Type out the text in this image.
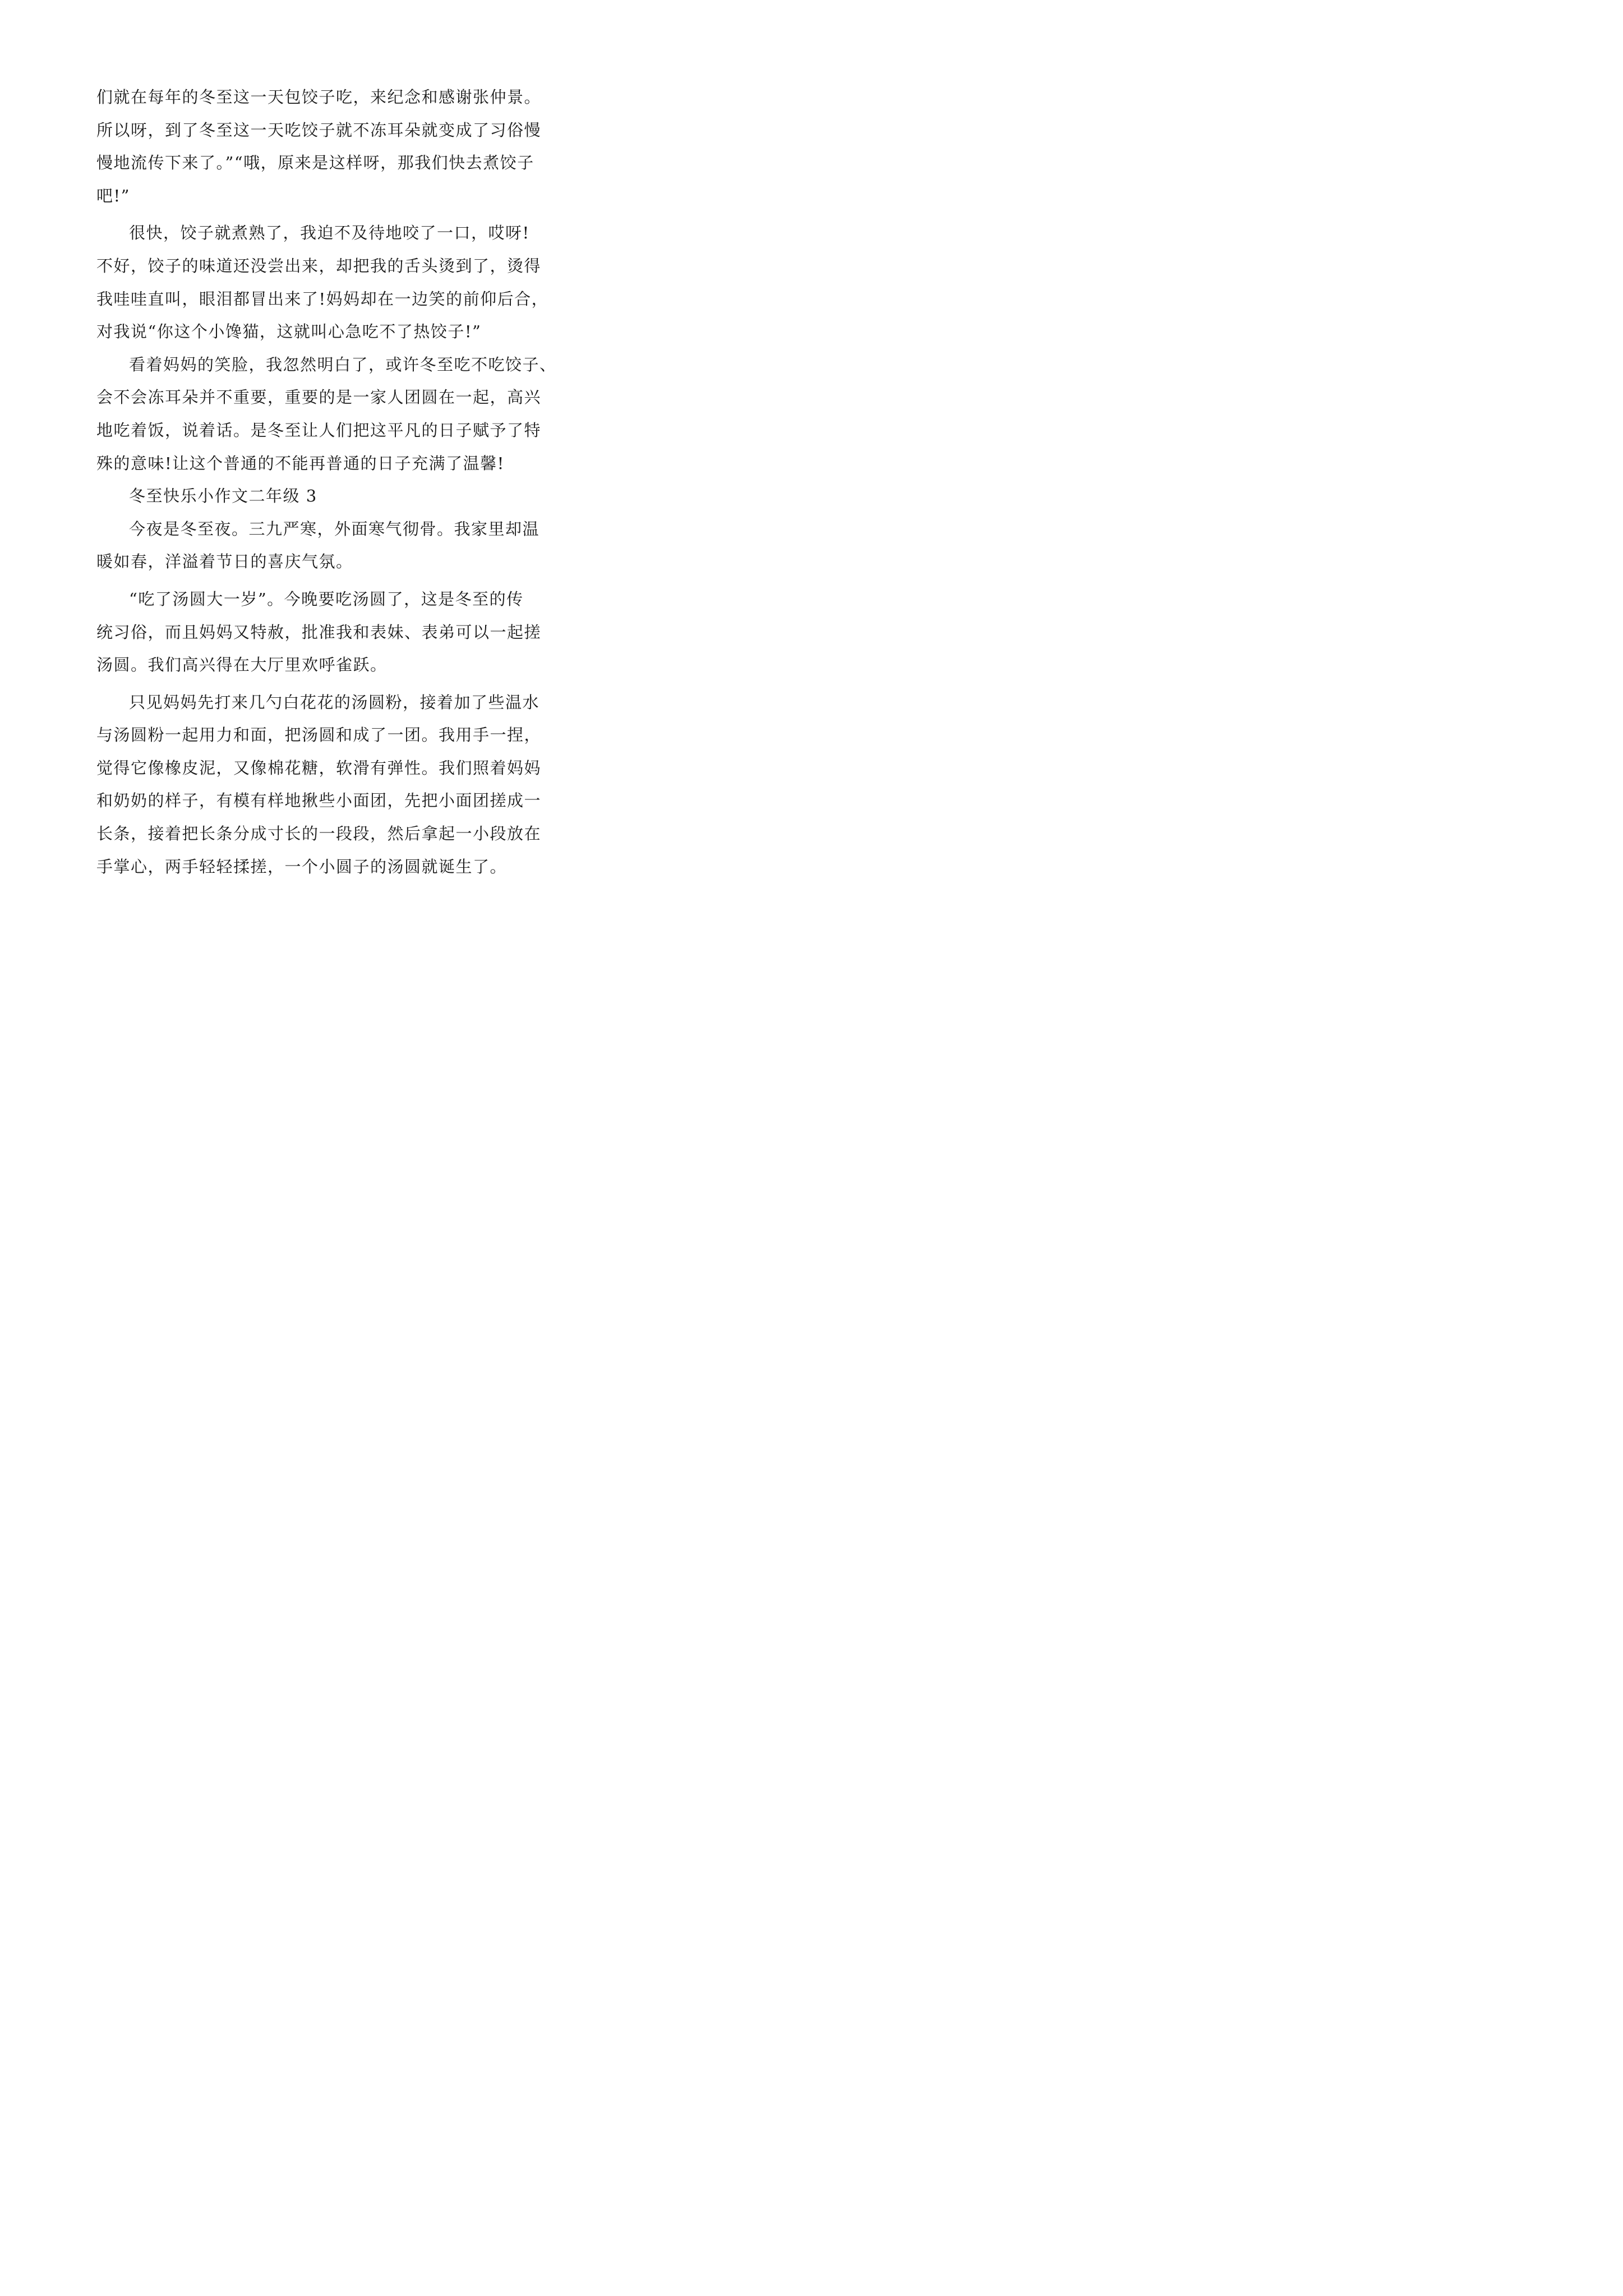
们就在每年的冬至这一天包饺子吃，来纪念和感谢张仲景。
所以呀，到了冬至这一天吃饺子就不冻耳朵就变成了习俗慢
慢地流传下来了。”“哦，原来是这样呀，那我们快去煮饺子
吧!”
很快，饺子就煮熟了，我迫不及待地咬了一口，哎呀!
不好，饺子的味道还没尝出来，却把我的舌头烫到了，烫得
我哇哇直叫，眼泪都冒出来了!妈妈却在一边笑的前仰后合，
对我说“你这个小馋猫，这就叫心急吃不了热饺子!”
看着妈妈的笑脸，我忽然明白了，或许冬至吃不吃饺子、
会不会冻耳朵并不重要，重要的是一家人团圆在一起，高兴
地吃着饭，说着话。是冬至让人们把这平凡的日子赋予了特
殊的意味!让这个普通的不能再普通的日子充满了温馨!
冬至快乐小作文二年级 3
今夜是冬至夜。三九严寒，外面寒气彻骨。我家里却温
暖如春，洋溢着节日的喜庆气氛。
“吃了汤圆大一岁”。今晚要吃汤圆了，这是冬至的传
统习俗，而且妈妈又特赦，批准我和表妹、表弟可以一起搓
汤圆。我们高兴得在大厅里欢呼雀跃。
只见妈妈先打来几勺白花花的汤圆粉，接着加了些温水
与汤圆粉一起用力和面，把汤圆和成了一团。我用手一捏，
觉得它像橡皮泥，又像棉花糖，软滑有弹性。我们照着妈妈
和奶奶的样子，有模有样地揪些小面团，先把小面团搓成一
长条，接着把长条分成寸长的一段段，然后拿起一小段放在
手掌心，两手轻轻揉搓，一个小圆子的汤圆就诞生了。
